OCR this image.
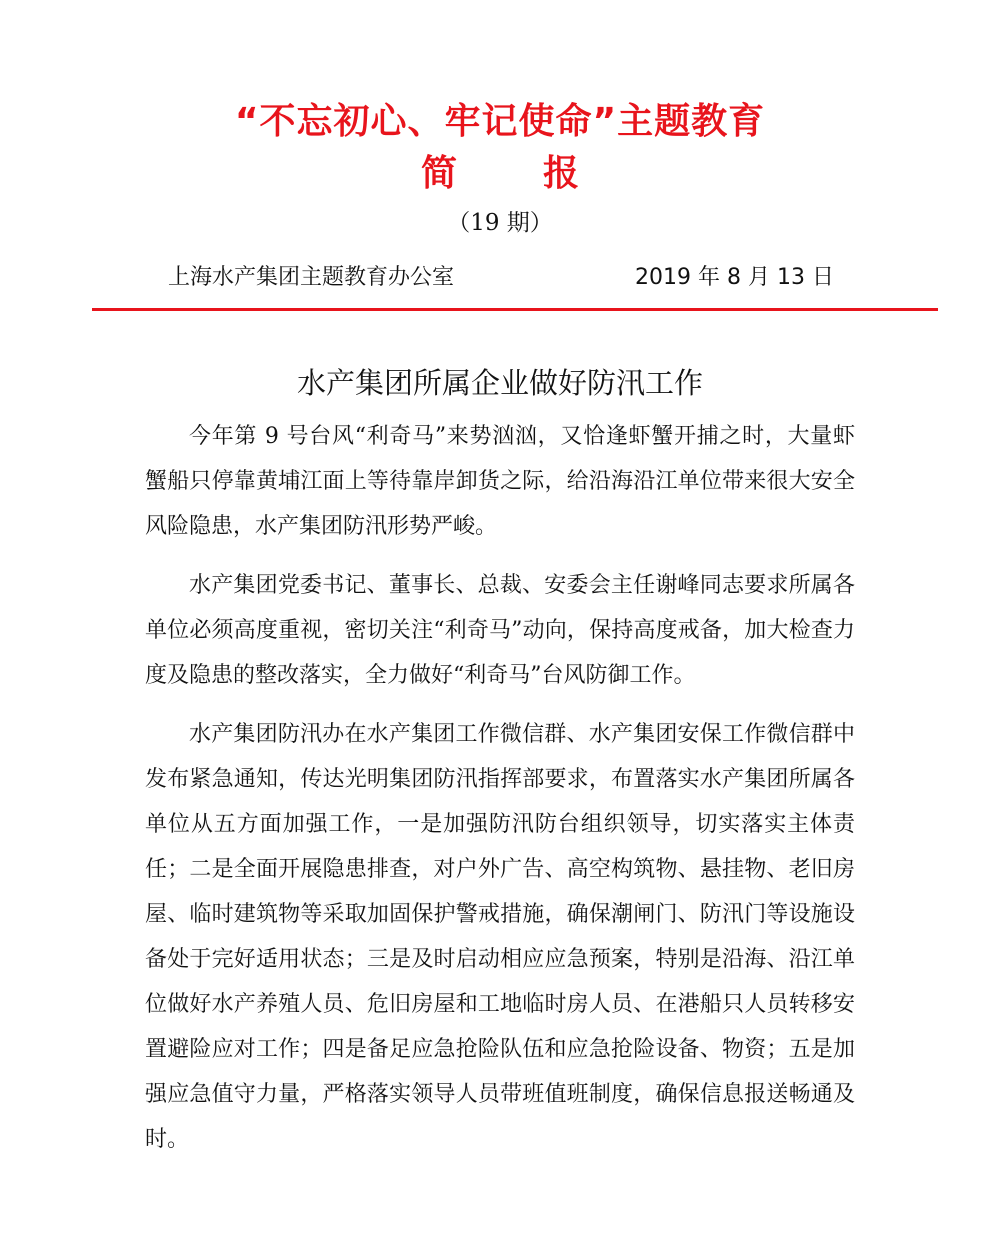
“不忘初心、牢记使命”主题教育
简报
（19 期）
上海水产集团主题教育办公室	2019 年 8 月 13 日
水产集团所属企业做好防汛工作

今年第 9 号台风“利奇马”来势汹汹，又恰逢虾蟹开捕之时，大量虾蟹船只停靠黄埔江面上等待靠岸卸货之际，给沿海沿江单位带来很大安全风险隐患，水产集团防汛形势严峻。

水产集团党委书记、董事长、总裁、安委会主任谢峰同志要求所属各单位必须高度重视，密切关注“利奇马”动向，保持高度戒备，加大检查力度及隐患的整改落实，全力做好“利奇马”台风防御工作。

水产集团防汛办在水产集团工作微信群、水产集团安保工作微信群中发布紧急通知，传达光明集团防汛指挥部要求，布置落实水产集团所属各单位从五方面加强工作，一是加强防汛防台组织领导，切实落实主体责任；二是全面开展隐患排查，对户外广告、高空构筑物、悬挂物、老旧房屋、临时建筑物等采取加固保护警戒措施，确保潮闸门、防汛门等设施设备处于完好适用状态；三是及时启动相应应急预案，特别是沿海、沿江单位做好水产养殖人员、危旧房屋和工地临时房人员、在港船只人员转移安置避险应对工作；四是备足应急抢险队伍和应急抢险设备、物资；五是加强应急值守力量，严格落实领导人员带班值班制度，确保信息报送畅通及时。
